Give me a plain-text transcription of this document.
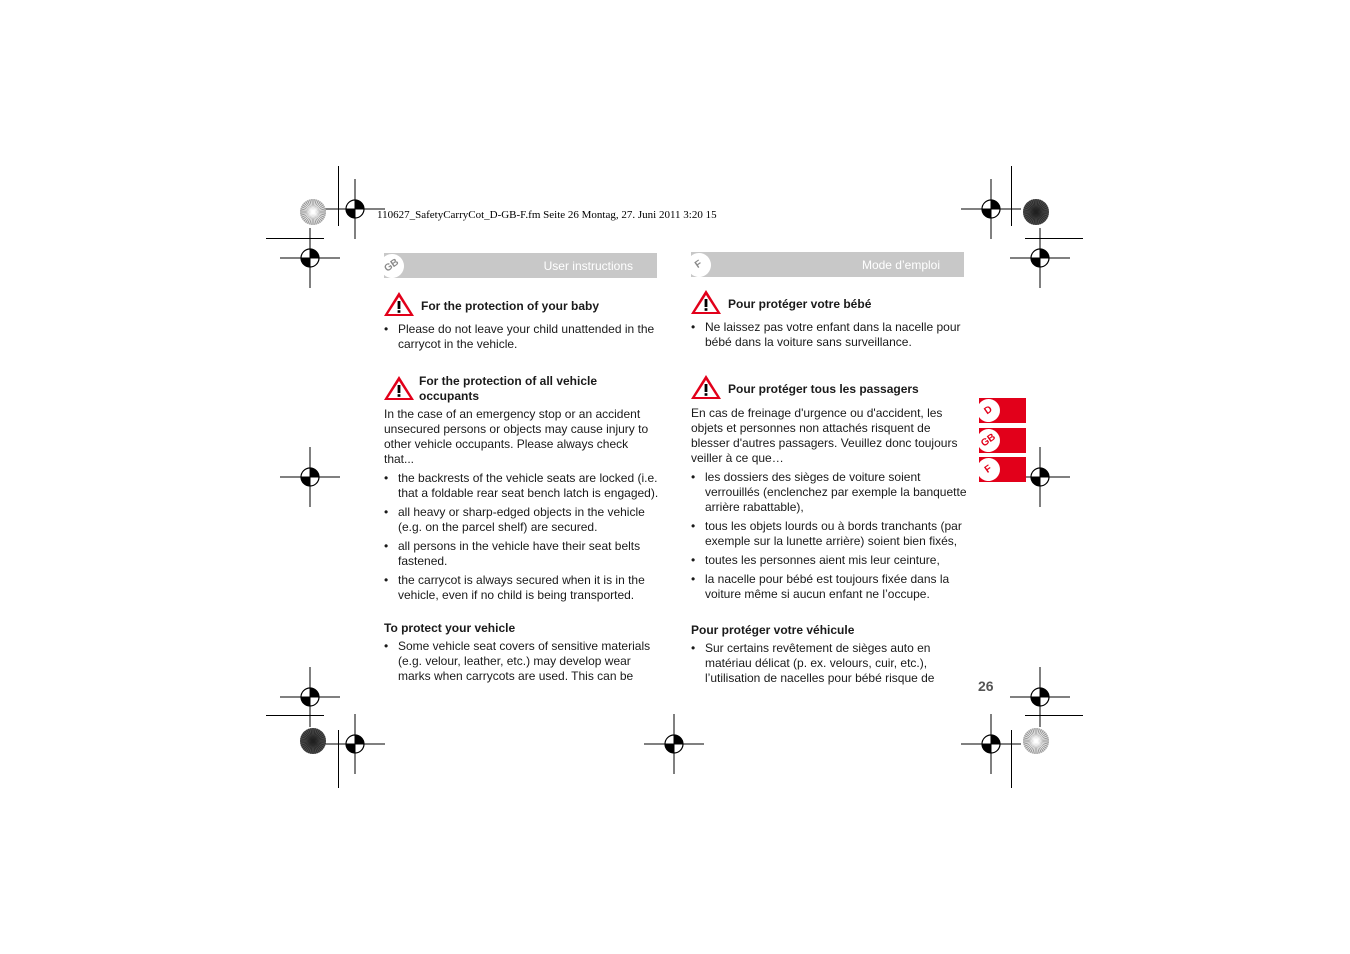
110627_SafetyCarryCot_D-GB-F.fm Seite 26 Montag, 27. Juni 2011 3:20 15
GB	User instructions
For the protection of your baby
• Please do not leave your child unattended in the carrycot in the vehicle.
For the protection of all vehicle occupants
In the case of an emergency stop or an accident unsecured persons or objects may cause injury to other vehicle occupants. Please always check that...
• the backrests of the vehicle seats are locked (i.e. that a foldable rear seat bench latch is engaged).
• all heavy or sharp-edged objects in the vehicle (e.g. on the parcel shelf) are secured.
• all persons in the vehicle have their seat belts fastened.
• the carrycot is always secured when it is in the vehicle, even if no child is being transported.
To protect your vehicle
• Some vehicle seat covers of sensitive materials (e.g. velour, leather, etc.) may develop wear marks when carrycots are used. This can be
F	Mode d’emploi
Pour protéger votre bébé
• Ne laissez pas votre enfant dans la nacelle pour bébé dans la voiture sans surveillance.
Pour protéger tous les passagers
En cas de freinage d'urgence ou d'accident, les objets et personnes non attachés risquent de blesser d'autres passagers. Veuillez donc toujours veiller à ce que…
• les dossiers des sièges de voiture soient verrouillés (enclenchez par exemple la banquette arrière rabattable),
• tous les objets lourds ou à bords tranchants (par exemple sur la lunette arrière) soient bien fixés,
• toutes les personnes aient mis leur ceinture,
• la nacelle pour bébé est toujours fixée dans la voiture même si aucun enfant ne l’occupe.
Pour protéger votre véhicule
• Sur certains revêtement de sièges auto en matériau délicat (p. ex. velours, cuir, etc.), l’utilisation de nacelles pour bébé risque de
D
GB
F
26
